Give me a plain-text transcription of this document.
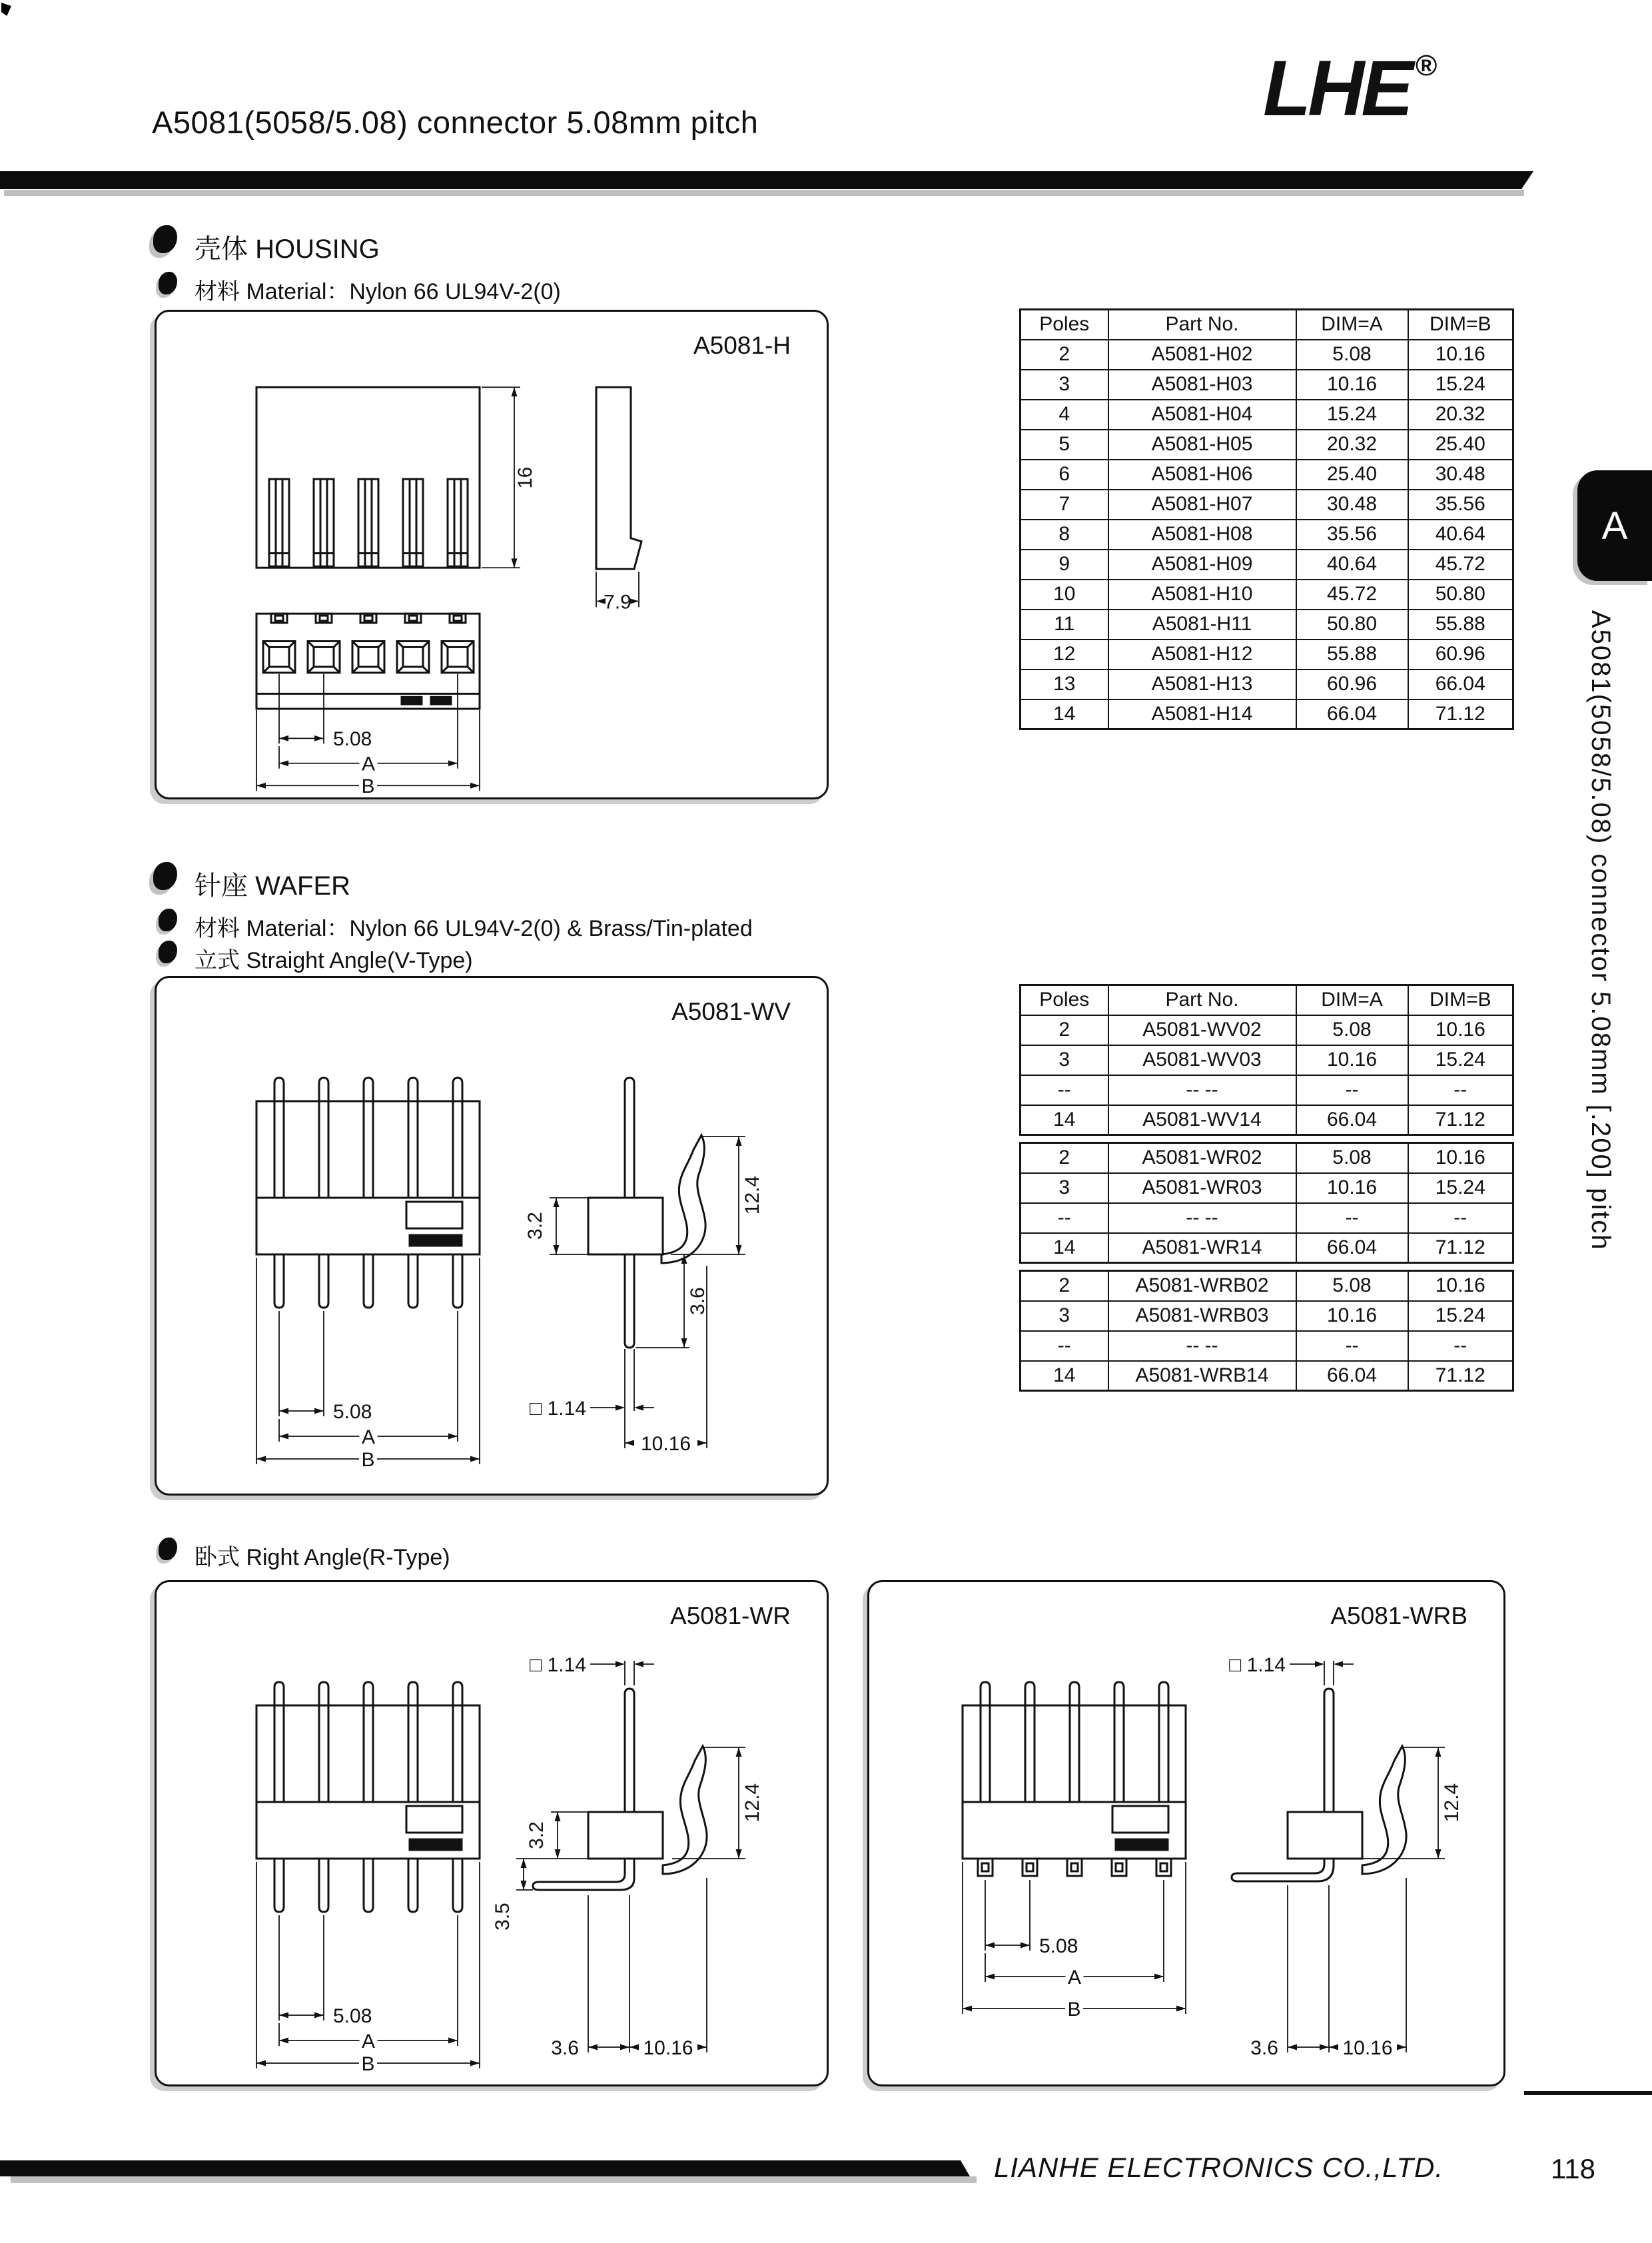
A5081(5058/5.08) connector 5.08mm pitch	LHE ®
壳体 HOUSING
材料 Material：Nylon 66 UL94V-2(0)
16
7.9
5.08
A
B
A5081-H
Poles	Part No.	DIM=A	DIM=B
2	A5081-H02	5.08	10.16
3	A5081-H03	10.16	15.24
4	A5081-H04	15.24	20.32
5	A5081-H05	20.32	25.40
6	A5081-H06	25.40	30.48
7	A5081-H07	30.48	35.56
8	A5081-H08	35.56	40.64
9	A5081-H09	40.64	45.72
10	A5081-H10	45.72	50.80
11	A5081-H11	50.80	55.88
12	A5081-H12	55.88	60.96
13	A5081-H13	60.96	66.04
14	A5081-H14	66.04	71.12
针座 WAFER
材料 Material：Nylon 66 UL94V-2(0) & Brass/Tin-plated
立式 Straight Angle(V-Type)
5.08
A
B
3.2
12.4
3.6
□ 1.14
10.16
A5081-WV	Poles	Part No.	DIM=A	DIM=B
2	A5081-WV02	5.08	10.16
3	A5081-WV03	10.16	15.24
--	-- --	--	--
14	A5081-WV14	66.04	71.12
2	A5081-WR02	5.08	10.16
3	A5081-WR03	10.16	15.24
--	-- --	--	--
14	A5081-WR14	66.04	71.12
2	A5081-WRB02	5.08	10.16
3	A5081-WRB03	10.16	15.24
--	-- --	--	--
14	A5081-WRB14	66.04	71.12
卧式 Right Angle(R-Type)
5.08
A
B
□ 1.14
3.2
12.4
3.5
3.6	10.16
A5081-WR
5.08
A
B
□ 1.14
12.4
3.6	10.16
A5081-WRB
A
A5081(5058/5.08) connector 5.08mm [.200] pitch
LIANHE ELECTRONICS CO.,LTD.	118
